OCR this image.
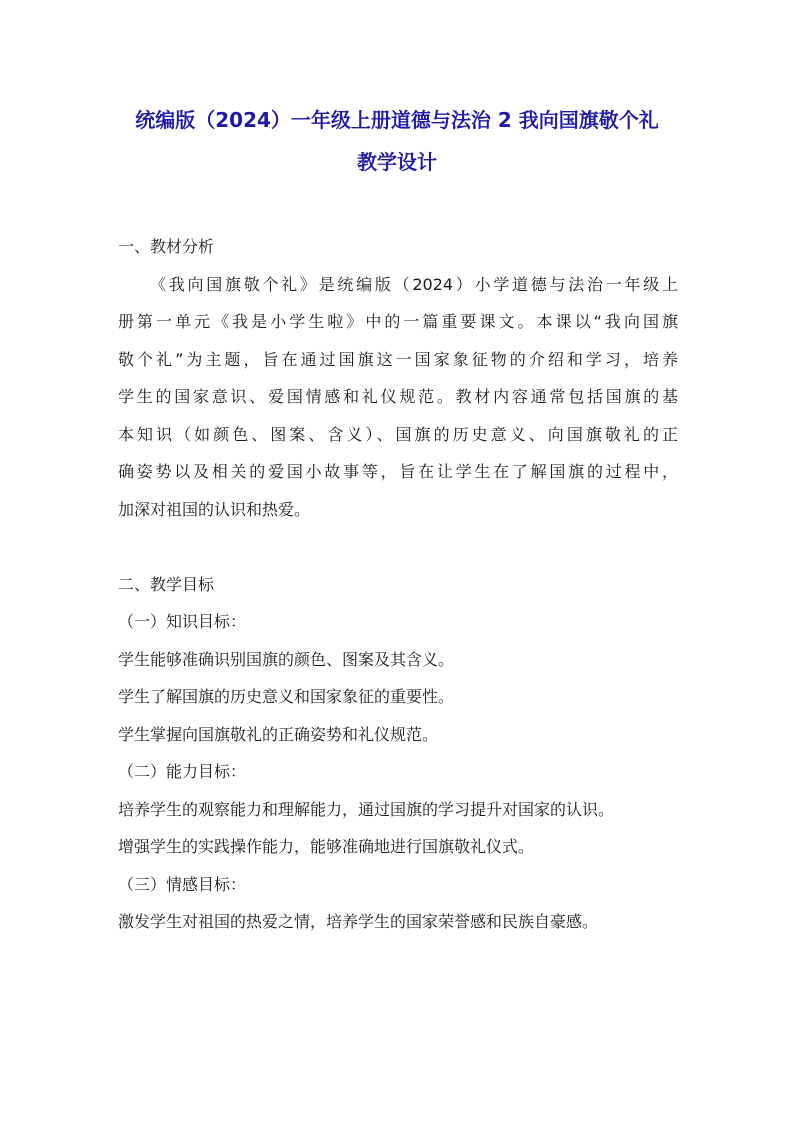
统编版（2024）一年级上册道德与法治 2 我向国旗敬个礼
教学设计

一、教材分析

《我向国旗敬个礼》是统编版（2024）小学道德与法治一年级上

册第一单元《我是小学生啦》中的一篇重要课文。本课以“我向国旗

敬个礼”为主题，旨在通过国旗这一国家象征物的介绍和学习，培养

学生的国家意识、爱国情感和礼仪规范。教材内容通常包括国旗的基

本知识（如颜色、图案、含义）、国旗的历史意义、向国旗敬礼的正

确姿势以及相关的爱国小故事等，旨在让学生在了解国旗的过程中，

加深对祖国的认识和热爱。

二、教学目标

（一）知识目标：

学生能够准确识别国旗的颜色、图案及其含义。

学生了解国旗的历史意义和国家象征的重要性。

学生掌握向国旗敬礼的正确姿势和礼仪规范。

（二）能力目标：

培养学生的观察能力和理解能力，通过国旗的学习提升对国家的认识。

增强学生的实践操作能力，能够准确地进行国旗敬礼仪式。

（三）情感目标：

激发学生对祖国的热爱之情，培养学生的国家荣誉感和民族自豪感。
